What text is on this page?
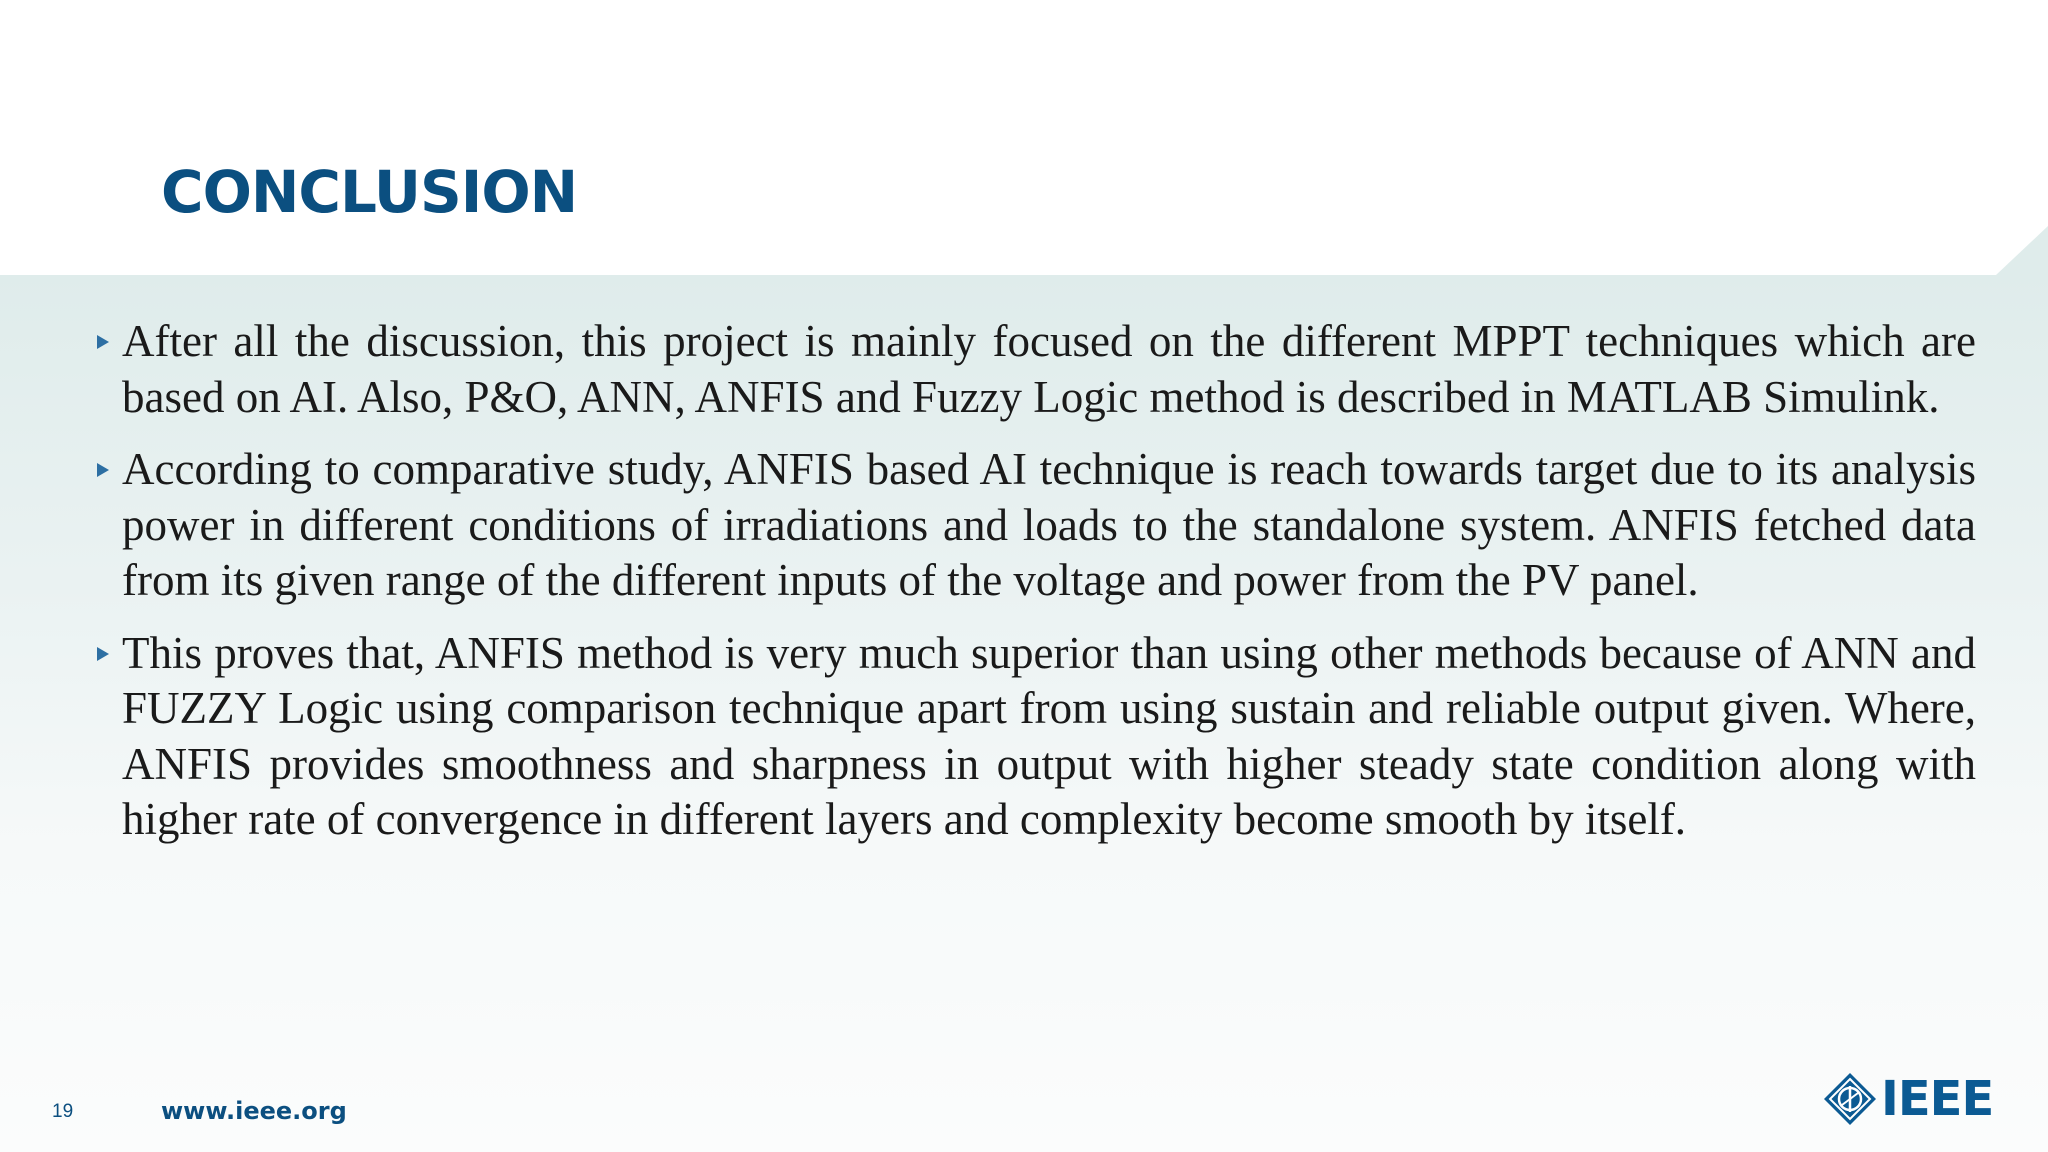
CONCLUSION
After all the discussion, this project is mainly focused on the different MPPT techniques which are based on AI. Also, P&O, ANN, ANFIS and Fuzzy Logic method is described in MATLAB Simulink.
According to comparative study, ANFIS based AI technique is reach towards target due to its analysis power in different conditions of irradiations and loads to the standalone system. ANFIS fetched data from its given range of the different inputs of the voltage and power from the PV panel.
This proves that, ANFIS method is very much superior than using other methods because of ANN and FUZZY Logic using comparison technique apart from using sustain and reliable output given. Where, ANFIS provides smoothness and sharpness in output with higher steady state condition along with higher rate of convergence in different layers and complexity become smooth by itself.
19	www.ieee.org	IEEE
